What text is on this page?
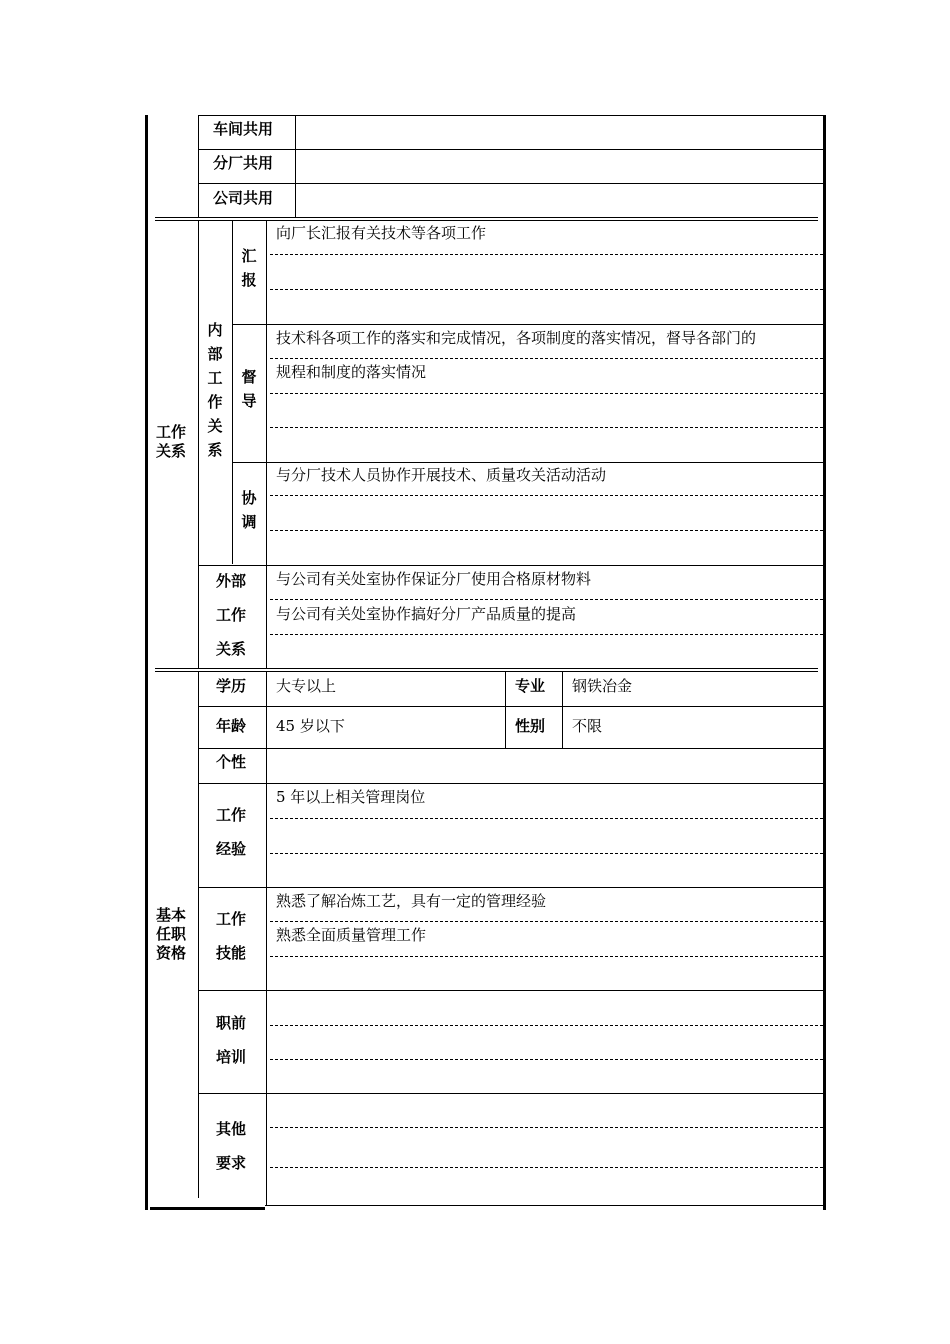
车间共用
分厂共用
公司共用
工作
关系
内
部
工
作
关
系
汇
报
向厂长汇报有关技术等各项工作
督
导
技术科各项工作的落实和完成情况，各项制度的落实情况，督导各部门的
规程和制度的落实情况
协
调
与分厂技术人员协作开展技术、质量攻关活动活动
外部
工作
关系
与公司有关处室协作保证分厂使用合格原材物料
与公司有关处室协作搞好分厂产品质量的提高
基本
任职
资格
学历 大专以上	专业 钢铁冶金
年龄 45 岁以下	性别 不限
个性
工作
经验
5 年以上相关管理岗位
工作
技能
熟悉了解冶炼工艺，具有一定的管理经验
熟悉全面质量管理工作
职前
培训
其他
要求
